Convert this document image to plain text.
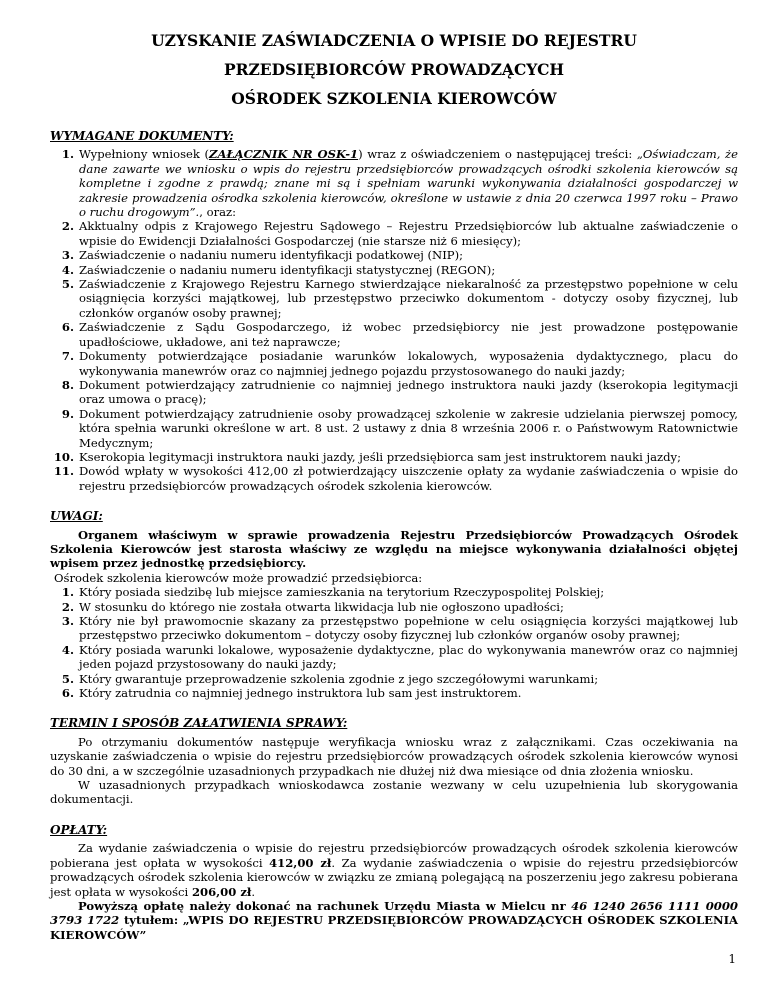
UZYSKANIE ZAŚWIADCZENIA O WPISIE DO REJESTRU
PRZEDSIĘBIORCÓW PROWADZĄCYCH
OŚRODEK SZKOLENIA KIEROWCÓW
WYMAGANE DOKUMENTY:
1. Wypełniony wniosek (ZAŁĄCZNIK NR OSK-1) wraz z oświadczeniem o następującej treści: „Oświadczam, że dane zawarte we wniosku o wpis do rejestru przedsiębiorców prowadzących ośrodki szkolenia kierowców są kompletne i zgodne z prawdą; znane mi są i spełniam warunki wykonywania działalności gospodarczej w zakresie prowadzenia ośrodka szkolenia kierowców, określone w ustawie z dnia 20 czerwca 1997 roku – Prawo o ruchu drogowym”., oraz:
2. Akktualny odpis z Krajowego Rejestru Sądowego – Rejestru Przedsiębiorców lub aktualne zaświadczenie o wpisie do Ewidencji Działalności Gospodarczej (nie starsze niż 6 miesięcy);
3. Zaświadczenie o nadaniu numeru identyfikacji podatkowej (NIP);
4. Zaświadczenie o nadaniu numeru identyfikacji statystycznej (REGON);
5. Zaświadczenie z Krajowego Rejestru Karnego stwierdzające niekaralność za przestępstwo popełnione w celu osiągnięcia korzyści majątkowej, lub przestępstwo przeciwko dokumentom - dotyczy osoby fizycznej, lub członków organów osoby prawnej;
6. Zaświadczenie z Sądu Gospodarczego, iż wobec przedsiębiorcy nie jest prowadzone postępowanie upadłościowe, układowe, ani też naprawcze;
7. Dokumenty potwierdzające posiadanie warunków lokalowych, wyposażenia dydaktycznego, placu do wykonywania manewrów oraz co najmniej jednego pojazdu przystosowanego do nauki jazdy;
8. Dokument potwierdzający zatrudnienie co najmniej jednego instruktora nauki jazdy (kserokopia legitymacji oraz umowa o pracę);
9. Dokument potwierdzający zatrudnienie osoby prowadzącej szkolenie w zakresie udzielania pierwszej pomocy, która spełnia warunki określone w art. 8 ust. 2 ustawy z dnia 8 września 2006 r. o Państwowym Ratownictwie Medycznym;
10. Kserokopia legitymacji instruktora nauki jazdy, jeśli przedsiębiorca sam jest instruktorem nauki jazdy;
11. Dowód wpłaty w wysokości 412,00 zł potwierdzający uiszczenie opłaty za wydanie zaświadczenia o wpisie do rejestru przedsiębiorców prowadzących ośrodek szkolenia kierowców.
UWAGI:

Organem właściwym w sprawie prowadzenia Rejestru Przedsiębiorców Prowadzących Ośrodek Szkolenia Kierowców jest starosta właściwy ze względu na miejsce wykonywania działalności objętej wpisem przez jednostkę przedsiębiorcy.

Ośrodek szkolenia kierowców może prowadzić przedsiębiorca:

1. Który posiada siedzibę lub miejsce zamieszkania na terytorium Rzeczypospolitej Polskiej;
2. W stosunku do którego nie została otwarta likwidacja lub nie ogłoszono upadłości;
3. Który nie był prawomocnie skazany za przestępstwo popełnione w celu osiągnięcia korzyści majątkowej lub przestępstwo przeciwko dokumentom – dotyczy osoby fizycznej lub członków organów osoby prawnej;
4. Który posiada warunki lokalowe, wyposażenie dydaktyczne, plac do wykonywania manewrów oraz co najmniej jeden pojazd przystosowany do nauki jazdy;
5. Który gwarantuje przeprowadzenie szkolenia zgodnie z jego szczegółowymi warunkami;
6. Który zatrudnia co najmniej jednego instruktora lub sam jest instruktorem.
TERMIN I SPOSÓB ZAŁATWIENIA SPRAWY:

Po otrzymaniu dokumentów następuje weryfikacja wniosku wraz z załącznikami. Czas oczekiwania na uzyskanie zaświadczenia o wpisie do rejestru przedsiębiorców prowadzących ośrodek szkolenia kierowców wynosi do 30 dni, a w szczególnie uzasadnionych przypadkach nie dłużej niż dwa miesiące od dnia złożenia wniosku.

W uzasadnionych przypadkach wnioskodawca zostanie wezwany w celu uzupełnienia lub skorygowania dokumentacji.

OPŁATY:

Za wydanie zaświadczenia o wpisie do rejestru przedsiębiorców prowadzących ośrodek szkolenia kierowców pobierana jest opłata w wysokości 412,00 zł. Za wydanie zaświadczenia o wpisie do rejestru przedsiębiorców prowadzących ośrodek szkolenia kierowców w związku ze zmianą polegającą na poszerzeniu jego zakresu pobierana jest opłata w wysokości 206,00 zł.

Powyższą opłatę należy dokonać na rachunek Urzędu Miasta w Mielcu nr 46 1240 2656 1111 0000 3793 1722 tytułem: „WPIS DO REJESTRU PRZEDSIĘBIORCÓW PROWADZĄCYCH OŚRODEK SZKOLENIA KIEROWCÓW”

1
